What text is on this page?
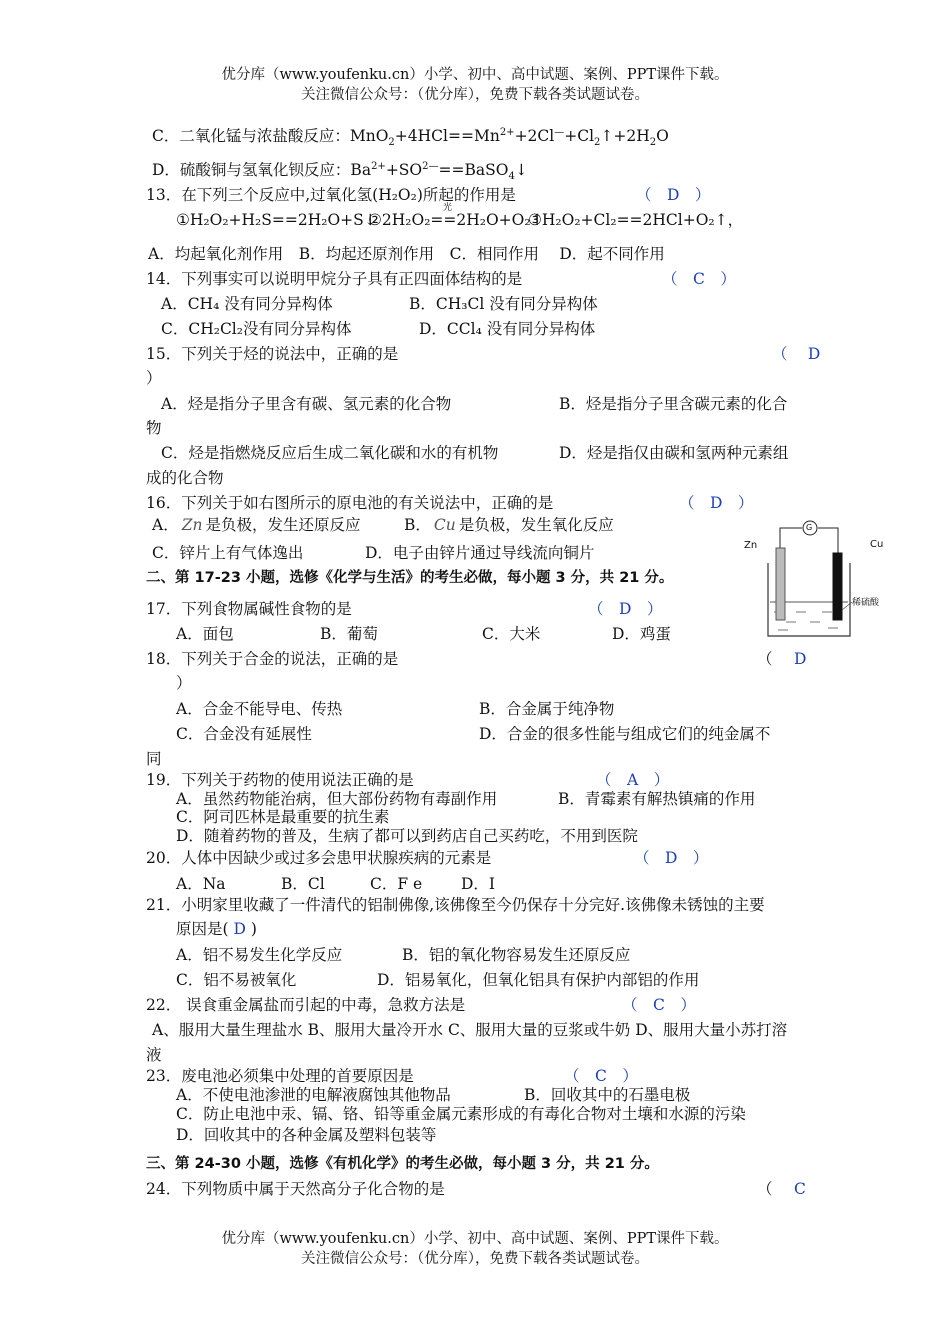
优分库（www.youfenku.cn）小学、初中、高中试题、案例、PPT课件下载。
关注微信公众号：（优分库），免费下载各类试题试卷。
C．二氧化锰与浓盐酸反应：$MnO_2+4HCl==Mn^{2+}+2Cl^—+Cl_2↑+2H_2O$
D．硫酸铜与氢氧化钡反应：$Ba^{2+}+SO^{2—}==BaSO_4↓$
13．在下列三个反应中,过氧化氢(H₂O₂)所起的作用是	（　D　）
①H₂O₂+H₂S==2H₂O+S↓
光
②2H₂O₂==2H₂O+O₂↑
③H₂O₂+Cl₂==2HCl+O₂↑，
A．均起氧化剂作用　B．均起还原剂作用　C．相同作用　 D．起不同作用
14．下列事实可以说明甲烷分子具有正四面体结构的是	（　C　）
A．CH₄ 没有同分异构体	B．CH₃Cl 没有同分异构体
C．CH₂Cl₂没有同分异构体	D．CCl₄ 没有同分异构体
15．下列关于烃的说法中，正确的是	（　 D
）
A．烃是指分子里含有碳、氢元素的化合物	B．烃是指分子里含碳元素的化合
物
C．烃是指燃烧反应后生成二氧化碳和水的有机物	D．烃是指仅由碳和氢两种元素组
成的化合物
16．下列关于如右图所示的原电池的有关说法中，正确的是	（　D　）
A． Zn 是负极，发生还原反应	B． Cu 是负极，发生氧化反应
C．锌片上有气体逸出	D．电子由锌片通过导线流向铜片	Zn	Cu
G
稀硫酸
二、第 17-23 小题，选修《化学与生活》的考生必做，每小题 3 分，共 21 分。
17．下列食物属碱性食物的是	（　D　）
A．面包	B．葡萄	C．大米	D．鸡蛋
18．下列关于合金的说法，正确的是	（ D
）
A．合金不能导电、传热	B．合金属于纯净物
C．合金没有延展性	D．合金的很多性能与组成它们的纯金属不
同
19．下列关于药物的使用说法正确的是	（　A　）
A．虽然药物能治病，但大部份药物有毒副作用	B．青霉素有解热镇痛的作用
C．阿司匹林是最重要的抗生素
D．随着药物的普及，生病了都可以到药店自己买药吃，不用到医院
20．人体中因缺少或过多会患甲状腺疾病的元素是	（　D　）
A．Na	B．Cl	C．F e	D．I
21．小明家里收藏了一件清代的铝制佛像,该佛像至今仍保存十分完好.该佛像未锈蚀的主要
原因是( D )
A．铝不易发生化学反应	B．铝的氧化物容易发生还原反应
C．铝不易被氧化	D．铝易氧化，但氧化铝具有保护内部铝的作用
22． 误食重金属盐而引起的中毒，急救方法是	（　C　）
A、服用大量生理盐水 B、服用大量冷开水 C、服用大量的豆浆或牛奶 D、服用大量小苏打溶
液
23．废电池必须集中处理的首要原因是	（　C　）
A．不使电池渗泄的电解液腐蚀其他物品	B．回收其中的石墨电极
C．防止电池中汞、镉、铬、铅等重金属元素形成的有毒化合物对土壤和水源的污染
D．回收其中的各种金属及塑料包装等
三、第 24-30 小题，选修《有机化学》的考生必做，每小题 3 分，共 21 分。
24．下列物质中属于天然高分子化合物的是	（ C
优分库（www.youfenku.cn）小学、初中、高中试题、案例、PPT课件下载。
关注微信公众号：（优分库），免费下载各类试题试卷。
